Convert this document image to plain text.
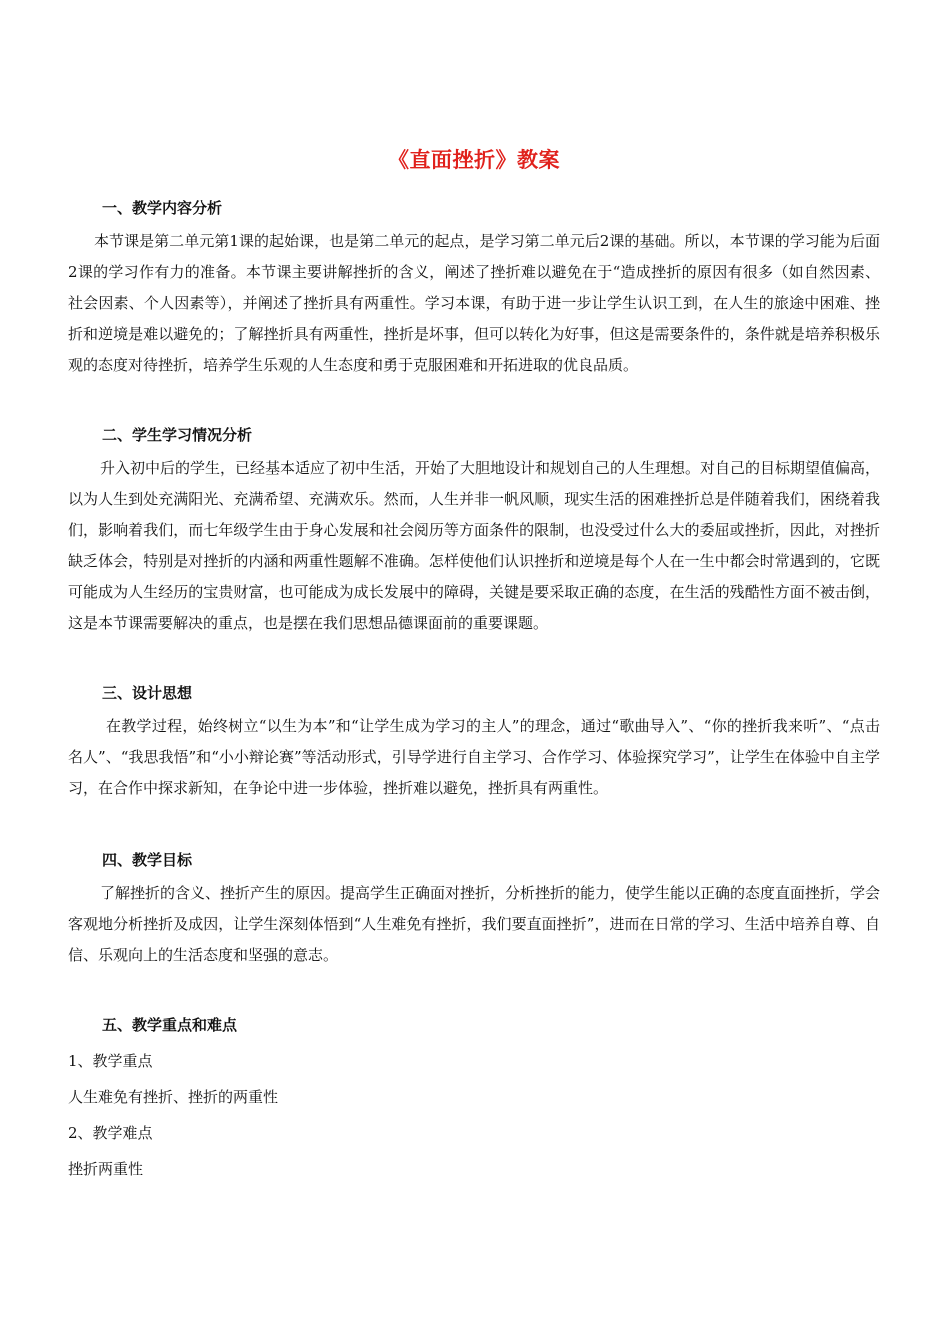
《直面挫折》教案
一、教学内容分析

本节课是第二单元第1课的起始课，也是第二单元的起点，是学习第二单元后2课的基础。所以，本节课的学习能为后面2课的学习作有力的准备。本节课主要讲解挫折的含义，阐述了挫折难以避免在于“造成挫折的原因有很多（如自然因素、社会因素、个人因素等），并阐述了挫折具有两重性。学习本课，有助于进一步让学生认识工到，在人生的旅途中困难、挫折和逆境是难以避免的；了解挫折具有两重性，挫折是坏事，但可以转化为好事，但这是需要条件的，条件就是培养积极乐观的态度对待挫折，培养学生乐观的人生态度和勇于克服困难和开拓进取的优良品质。

二、学生学习情况分析

升入初中后的学生，已经基本适应了初中生活，开始了大胆地设计和规划自己的人生理想。对自己的目标期望值偏高，以为人生到处充满阳光、充满希望、充满欢乐。然而，人生并非一帆风顺，现实生活的困难挫折总是伴随着我们，困绕着我们，影响着我们，而七年级学生由于身心发展和社会阅历等方面条件的限制，也没受过什么大的委屈或挫折，因此，对挫折缺乏体会，特别是对挫折的内涵和两重性题解不准确。怎样使他们认识挫折和逆境是每个人在一生中都会时常遇到的，它既可能成为人生经历的宝贵财富，也可能成为成长发展中的障碍，关键是要采取正确的态度，在生活的残酷性方面不被击倒，这是本节课需要解决的重点，也是摆在我们思想品德课面前的重要课题。

三、设计思想

在教学过程，始终树立“以生为本”和“让学生成为学习的主人”的理念，通过“歌曲导入”、“你的挫折我来听”、“点击名人”、“我思我悟”和“小小辩论赛”等活动形式，引导学进行自主学习、合作学习、体验探究学习”，让学生在体验中自主学习，在合作中探求新知，在争论中进一步体验，挫折难以避免，挫折具有两重性。

四、教学目标

了解挫折的含义、挫折产生的原因。提高学生正确面对挫折，分析挫折的能力，使学生能以正确的态度直面挫折，学会客观地分析挫折及成因，让学生深刻体悟到“人生难免有挫折，我们要直面挫折”，进而在日常的学习、生活中培养自尊、自信、乐观向上的生活态度和坚强的意志。

五、教学重点和难点
1、教学重点
人生难免有挫折、挫折的两重性
2、教学难点
挫折两重性
